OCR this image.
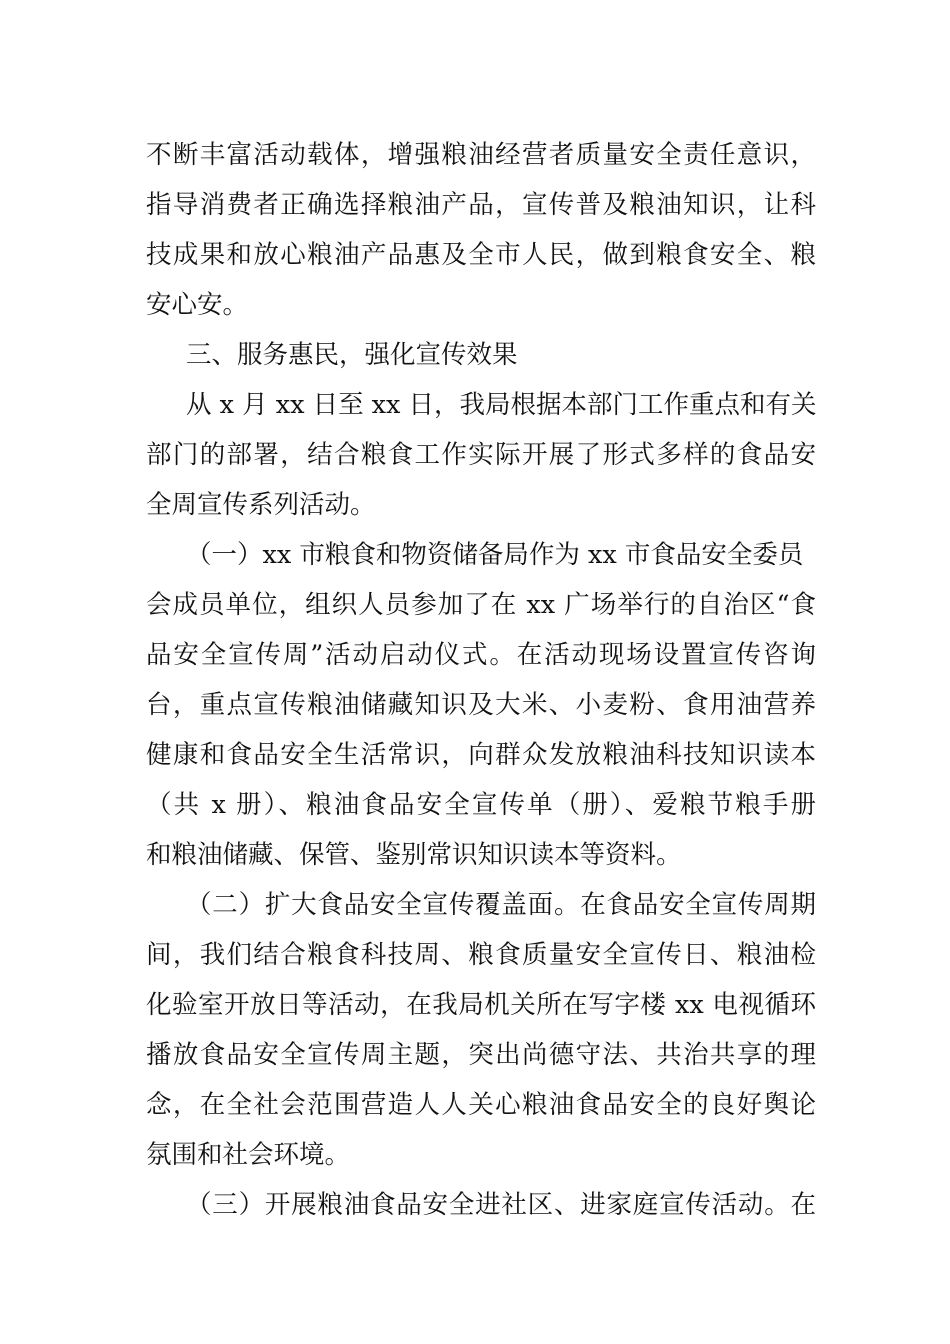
不断丰富活动载体，增强粮油经营者质量安全责任意识，
指导消费者正确选择粮油产品，宣传普及粮油知识，让科
技成果和放心粮油产品惠及全市人民，做到粮食安全、粮
安心安。
三、服务惠民，强化宣传效果
从 x 月 xx 日至 xx 日，我局根据本部门工作重点和有关
部门的部署，结合粮食工作实际开展了形式多样的食品安
全周宣传系列活动。
（一）xx 市粮食和物资储备局作为 xx 市食品安全委员
会成员单位，组织人员参加了在 xx 广场举行的自治区“食
品安全宣传周”活动启动仪式。在活动现场设置宣传咨询
台，重点宣传粮油储藏知识及大米、小麦粉、食用油营养
健康和食品安全生活常识，向群众发放粮油科技知识读本
（共 x 册）、粮油食品安全宣传单（册）、爱粮节粮手册
和粮油储藏、保管、鉴别常识知识读本等资料。
（二）扩大食品安全宣传覆盖面。在食品安全宣传周期
间，我们结合粮食科技周、粮食质量安全宣传日、粮油检
化验室开放日等活动，在我局机关所在写字楼 xx 电视循环
播放食品安全宣传周主题，突出尚德守法、共治共享的理
念，在全社会范围营造人人关心粮油食品安全的良好舆论
氛围和社会环境。
（三）开展粮油食品安全进社区、进家庭宣传活动。在
